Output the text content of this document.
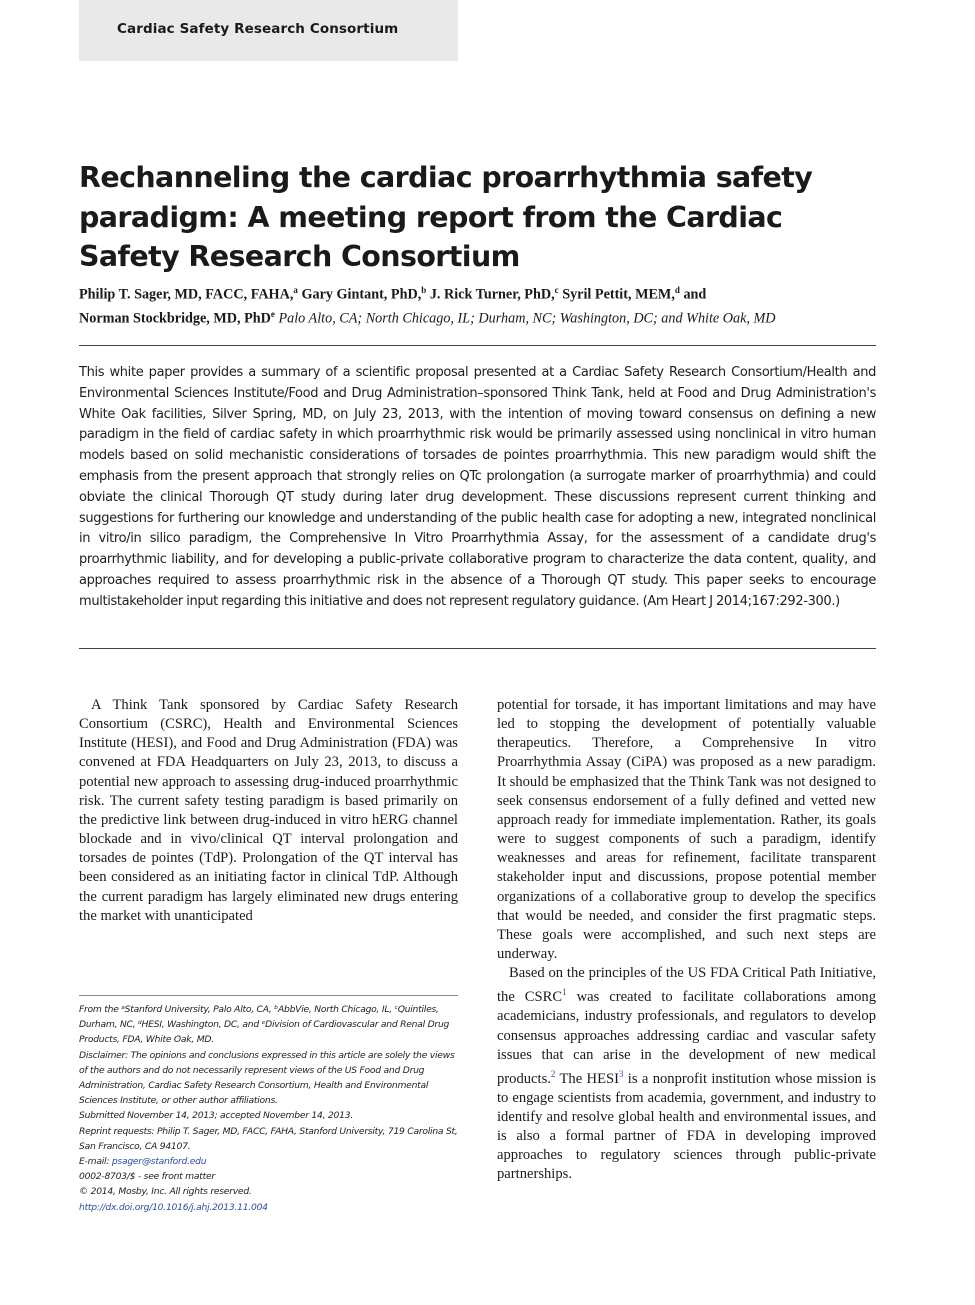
Cardiac Safety Research Consortium
Rechanneling the cardiac proarrhythmia safety paradigm: A meeting report from the Cardiac Safety Research Consortium
Philip T. Sager, MD, FACC, FAHA,$^a$ Gary Gintant, PhD,$^b$ J. Rick Turner, PhD,$^c$ Syril Pettit, MEM,$^d$ and
Norman Stockbridge, MD, PhD$^e$ Palo Alto, CA; North Chicago, IL; Durham, NC; Washington, DC; and White Oak, MD

This white paper provides a summary of a scientific proposal presented at a Cardiac Safety Research Consortium/Health and Environmental Sciences Institute/Food and Drug Administration–sponsored Think Tank, held at Food and Drug Administration's White Oak facilities, Silver Spring, MD, on July 23, 2013, with the intention of moving toward consensus on defining a new paradigm in the field of cardiac safety in which proarrhythmic risk would be primarily assessed using nonclinical in vitro human models based on solid mechanistic considerations of torsades de pointes proarrhythmia. This new paradigm would shift the emphasis from the present approach that strongly relies on QTc prolongation (a surrogate marker of proarrhythmia) and could obviate the clinical Thorough QT study during later drug development. These discussions represent current thinking and suggestions for furthering our knowledge and understanding of the public health case for adopting a new, integrated nonclinical in vitro/in silico paradigm, the Comprehensive In Vitro Proarrhythmia Assay, for the assessment of a candidate drug's proarrhythmic liability, and for developing a public-private collaborative program to characterize the data content, quality, and approaches required to assess proarrhythmic risk in the absence of a Thorough QT study. This paper seeks to encourage multistakeholder input regarding this initiative and does not represent regulatory guidance. (Am Heart J 2014;167:292-300.)

A Think Tank sponsored by Cardiac Safety Research Consortium (CSRC), Health and Environmental Sciences Institute (HESI), and Food and Drug Administration (FDA) was convened at FDA Headquarters on July 23, 2013, to discuss a potential new approach to assessing drug-induced proarrhythmic risk. The current safety testing paradigm is based primarily on the predictive link between drug-induced in vitro hERG channel blockade and in vivo/clinical QT interval prolongation and torsades de pointes (TdP). Prolongation of the QT interval has been considered as an initiating factor in clinical TdP. Although the current paradigm has largely eliminated new drugs entering the market with unanticipated

potential for torsade, it has important limitations and may have led to stopping the development of potentially valuable therapeutics. Therefore, a Comprehensive In vitro Proarrhythmia Assay (CiPA) was proposed as a new paradigm. It should be emphasized that the Think Tank was not designed to seek consensus endorsement of a fully defined and vetted new approach ready for immediate implementation. Rather, its goals were to suggest components of such a paradigm, identify weaknesses and areas for refinement, facilitate transparent stakeholder input and discussions, propose potential member organizations of a collaborative group to develop the specifics that would be needed, and consider the first pragmatic steps. These goals were accomplished, and such next steps are underway.

Based on the principles of the US FDA Critical Path Initiative, the CSRC$^1$ was created to facilitate collaborations among academicians, industry professionals, and regulators to develop consensus approaches addressing cardiac and vascular safety issues that can arise in the development of new medical products.$^2$ The HESI$^3$ is a nonprofit institution whose mission is to engage scientists from academia, government, and industry to identify and resolve global health and environmental issues, and is also a formal partner of FDA in developing improved approaches to regulatory sciences through public-private partnerships.

From the ᵃStanford University, Palo Alto, CA, ᵇAbbVie, North Chicago, IL, ᶜQuintiles, Durham, NC, ᵈHESI, Washington, DC, and ᵉDivision of Cardiovascular and Renal Drug Products, FDA, White Oak, MD.
Disclaimer: The opinions and conclusions expressed in this article are solely the views of the authors and do not necessarily represent views of the US Food and Drug Administration, Cardiac Safety Research Consortium, Health and Environmental Sciences Institute, or other author affiliations.
Submitted November 14, 2013; accepted November 14, 2013.
Reprint requests: Philip T. Sager, MD, FACC, FAHA, Stanford University, 719 Carolina St, San Francisco, CA 94107.
E-mail: psager@stanford.edu
0002-8703/$ - see front matter
© 2014, Mosby, Inc. All rights reserved.
http://dx.doi.org/10.1016/j.ahj.2013.11.004
